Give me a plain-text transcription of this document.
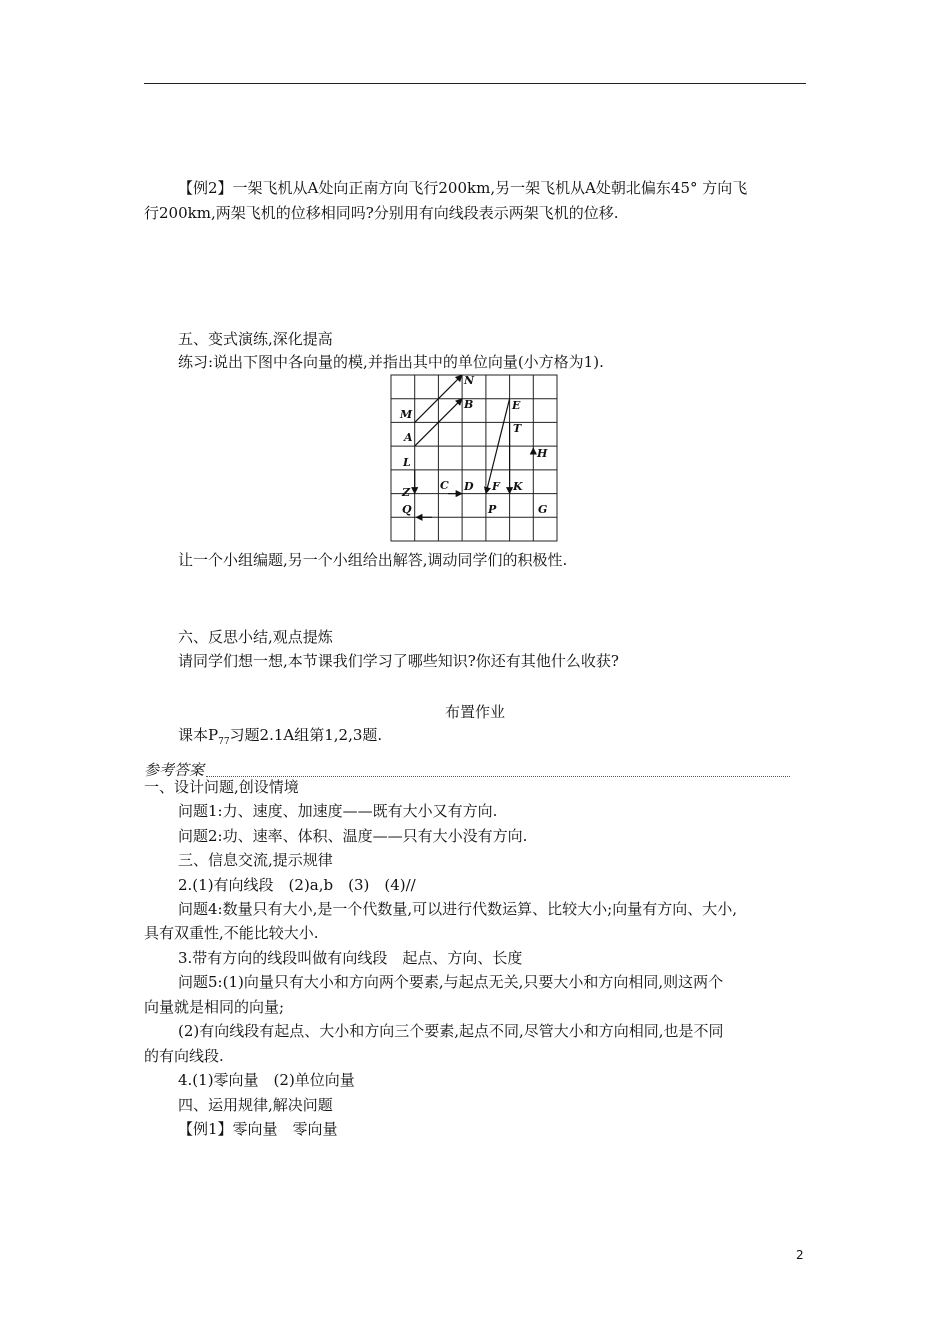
【例2】一架飞机从A处向正南方向飞行200km,另一架飞机从A处朝北偏东45° 方向飞
行200km,两架飞机的位移相同吗?分别用有向线段表示两架飞机的位移.
五、变式演练,深化提高
练习:说出下图中各向量的模,并指出其中的单位向量(小方格为1).
N
M
B	E
T
A
H
L
C D F K
Z
Q	P	G
让一个小组编题,另一个小组给出解答,调动同学们的积极性.
六、反思小结,观点提炼
请同学们想一想,本节课我们学习了哪些知识?你还有其他什么收获?
布置作业
课本$P_{77}$习题2.1A组第1,2,3题.
参考答案
一、设计问题,创设情境
问题1:力、速度、加速度——既有大小又有方向.
问题2:功、速率、体积、温度——只有大小没有方向.
三、信息交流,提示规律
2.(1)有向线段　(2)a,b　(3)　(4)//
问题4:数量只有大小,是一个代数量,可以进行代数运算、比较大小;向量有方向、大小,
具有双重性,不能比较大小.
3.带有方向的线段叫做有向线段　起点、方向、长度
问题5:(1)向量只有大小和方向两个要素,与起点无关,只要大小和方向相同,则这两个
向量就是相同的向量;
(2)有向线段有起点、大小和方向三个要素,起点不同,尽管大小和方向相同,也是不同
的有向线段.
4.(1)零向量　(2)单位向量
四、运用规律,解决问题
【例1】零向量　零向量
2
